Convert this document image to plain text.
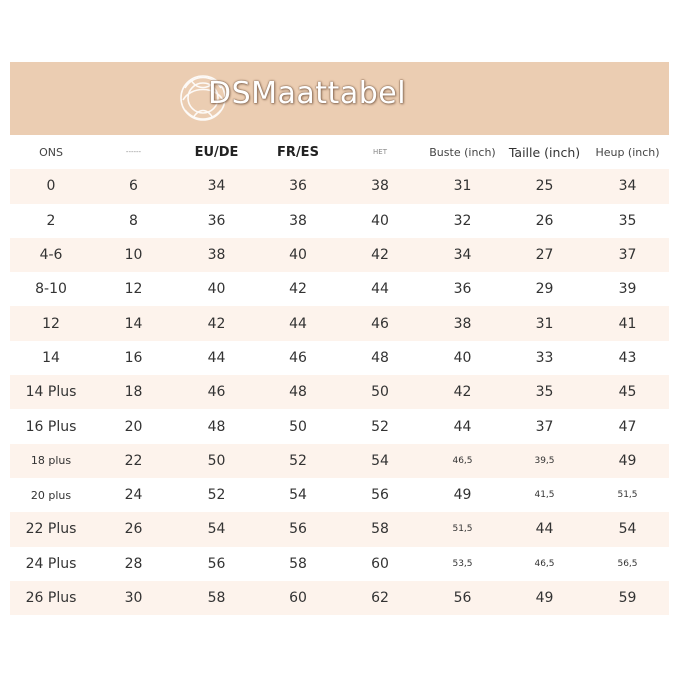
DSMaattabel
ONS	------	EU/DE	FR/ES	HET	Buste (inch)	Taille (inch)	Heup (inch)
0	6	34	36	38	31	25	34
2	8	36	38	40	32	26	35
4-6	10	38	40	42	34	27	37
8-10	12	40	42	44	36	29	39
12	14	42	44	46	38	31	41
14	16	44	46	48	40	33	43
14 Plus	18	46	48	50	42	35	45
16 Plus	20	48	50	52	44	37	47
18 plus	22	50	52	54	46,5	39,5	49
20 plus	24	52	54	56	49	41,5	51,5
22 Plus	26	54	56	58	51,5	44	54
24 Plus	28	56	58	60	53,5	46,5	56,5
26 Plus	30	58	60	62	56	49	59
